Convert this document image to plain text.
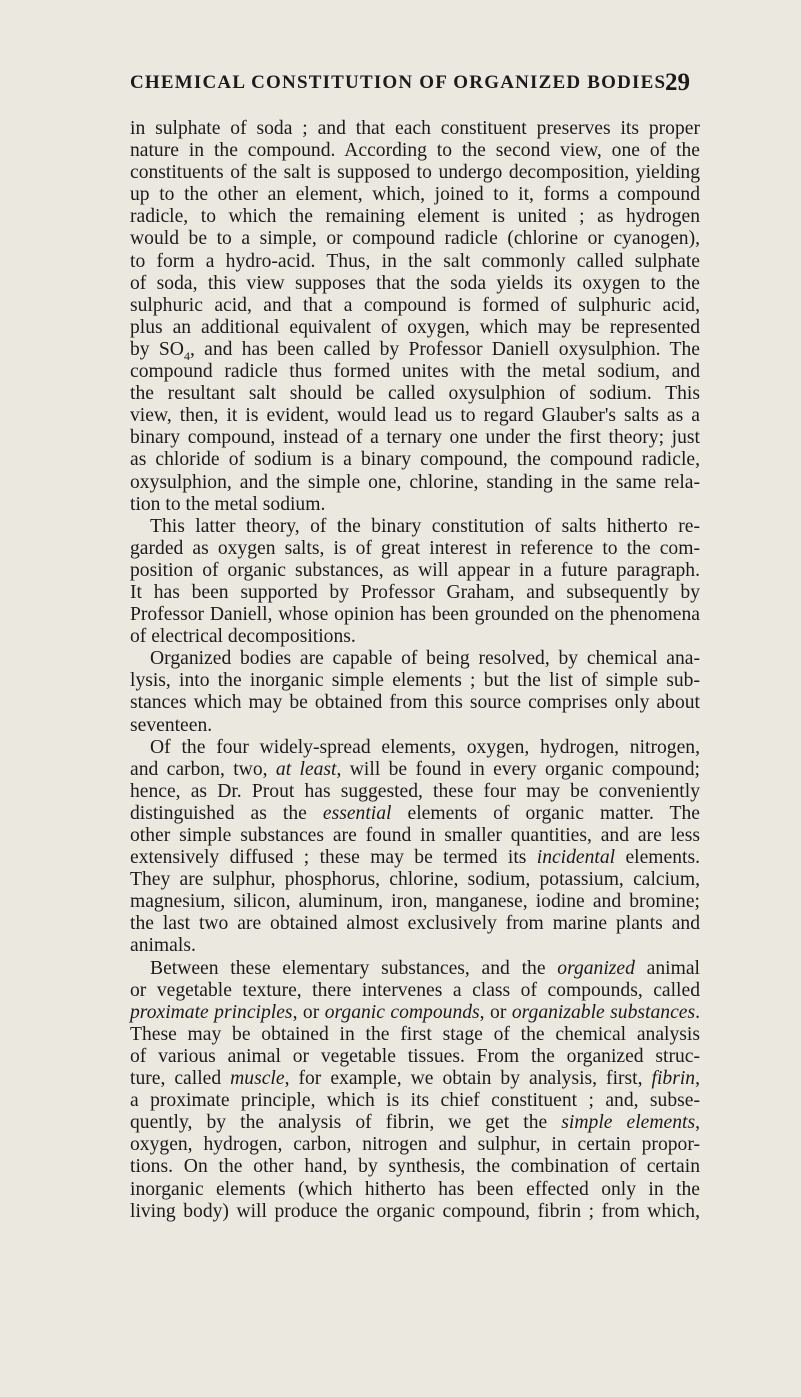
CHEMICAL CONSTITUTION OF ORGANIZED BODIES.
29
in sulphate of soda ; and that each constituent preserves its proper
nature in the compound. According to the second view, one of the
constituents of the salt is supposed to undergo decomposition, yielding
up to the other an element, which, joined to it, forms a compound
radicle, to which the remaining element is united ; as hydrogen
would be to a simple, or compound radicle (chlorine or cyanogen),
to form a hydro-acid. Thus, in the salt commonly called sulphate
of soda, this view supposes that the soda yields its oxygen to the
sulphuric acid, and that a compound is formed of sulphuric acid,
plus an additional equivalent of oxygen, which may be represented
by $SO_4$, and has been called by Professor Daniell oxysulphion. The
compound radicle thus formed unites with the metal sodium, and
the resultant salt should be called oxysulphion of sodium. This
view, then, it is evident, would lead us to regard Glauber's salts as a
binary compound, instead of a ternary one under the first theory; just
as chloride of sodium is a binary compound, the compound radicle,
oxysulphion, and the simple one, chlorine, standing in the same rela-
tion to the metal sodium.
This latter theory, of the binary constitution of salts hitherto re-
garded as oxygen salts, is of great interest in reference to the com-
position of organic substances, as will appear in a future paragraph.
It has been supported by Professor Graham, and subsequently by
Professor Daniell, whose opinion has been grounded on the phenomena
of electrical decompositions.
Organized bodies are capable of being resolved, by chemical ana-
lysis, into the inorganic simple elements ; but the list of simple sub-
stances which may be obtained from this source comprises only about
seventeen.
Of the four widely-spread elements, oxygen, hydrogen, nitrogen,
and carbon, two, at least, will be found in every organic compound;
hence, as Dr. Prout has suggested, these four may be conveniently
distinguished as the essential elements of organic matter. The
other simple substances are found in smaller quantities, and are less
extensively diffused ; these may be termed its incidental elements.
They are sulphur, phosphorus, chlorine, sodium, potassium, calcium,
magnesium, silicon, aluminum, iron, manganese, iodine and bromine;
the last two are obtained almost exclusively from marine plants and
animals.
Between these elementary substances, and the organized animal
or vegetable texture, there intervenes a class of compounds, called
proximate principles, or organic compounds, or organizable substances.
These may be obtained in the first stage of the chemical analysis
of various animal or vegetable tissues. From the organized struc-
ture, called muscle, for example, we obtain by analysis, first, fibrin,
a proximate principle, which is its chief constituent ; and, subse-
quently, by the analysis of fibrin, we get the simple elements,
oxygen, hydrogen, carbon, nitrogen and sulphur, in certain propor-
tions. On the other hand, by synthesis, the combination of certain
inorganic elements (which hitherto has been effected only in the
living body) will produce the organic compound, fibrin ; from which,
